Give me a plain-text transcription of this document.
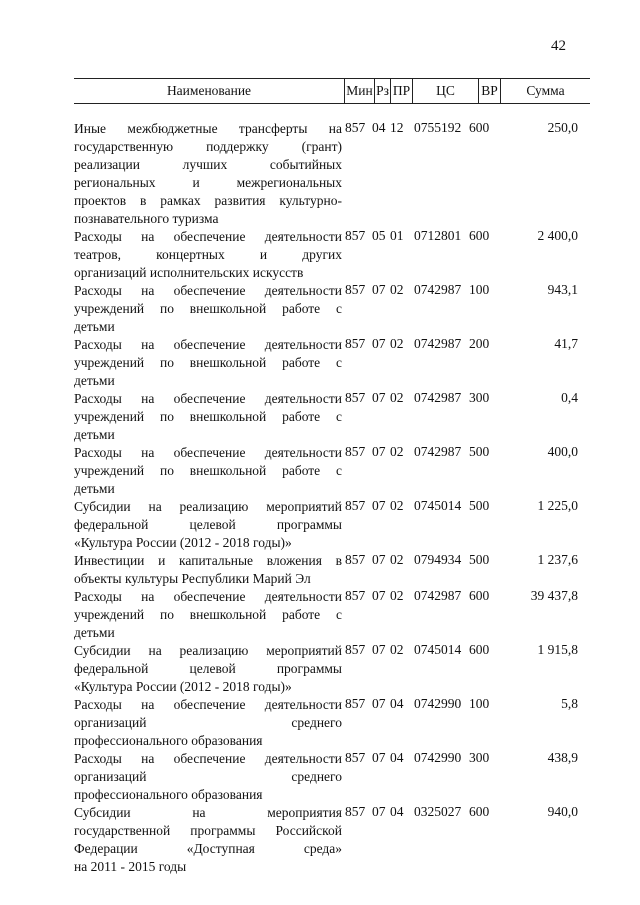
42
Наименование	Мин Рз ПР	ЦС	ВР	Сумма
Иные межбюджетные трансферты на
государственную поддержку (грант)
реализации лучших событийных
региональных и межрегиональных
проектов в рамках развития культурно-
познавательного туризма
857 04 12 0755192 600	250,0
Расходы на обеспечение деятельности
театров, концертных и других
организаций исполнительских искусств
857 05 01 0712801 600	2 400,0
Расходы на обеспечение деятельности
учреждений по внешкольной работе с
детьми
857 07 02 0742987 100	943,1
Расходы на обеспечение деятельности
учреждений по внешкольной работе с
детьми
857 07 02 0742987 200	41,7
Расходы на обеспечение деятельности
учреждений по внешкольной работе с
детьми
857 07 02 0742987 300	0,4
Расходы на обеспечение деятельности
учреждений по внешкольной работе с
детьми
857 07 02 0742987 500	400,0
Субсидии на реализацию мероприятий
федеральной целевой программы
«Культура России (2012 - 2018 годы)»
857 07 02 0745014 500	1 225,0
Инвестиции и капитальные вложения в
объекты культуры Республики Марий Эл
857 07 02 0794934 500	1 237,6
Расходы на обеспечение деятельности
учреждений по внешкольной работе с
детьми
857 07 02 0742987 600	39 437,8
Субсидии на реализацию мероприятий
федеральной целевой программы
«Культура России (2012 - 2018 годы)»
857 07 02 0745014 600	1 915,8
Расходы на обеспечение деятельности
организаций среднего
профессионального образования
857 07 04 0742990 100	5,8
Расходы на обеспечение деятельности
организаций среднего
профессионального образования
857 07 04 0742990 300	438,9
Субсидии на мероприятия
государственной программы Российской
Федерации «Доступная среда»
на 2011 - 2015 годы
857 07 04 0325027 600	940,0
